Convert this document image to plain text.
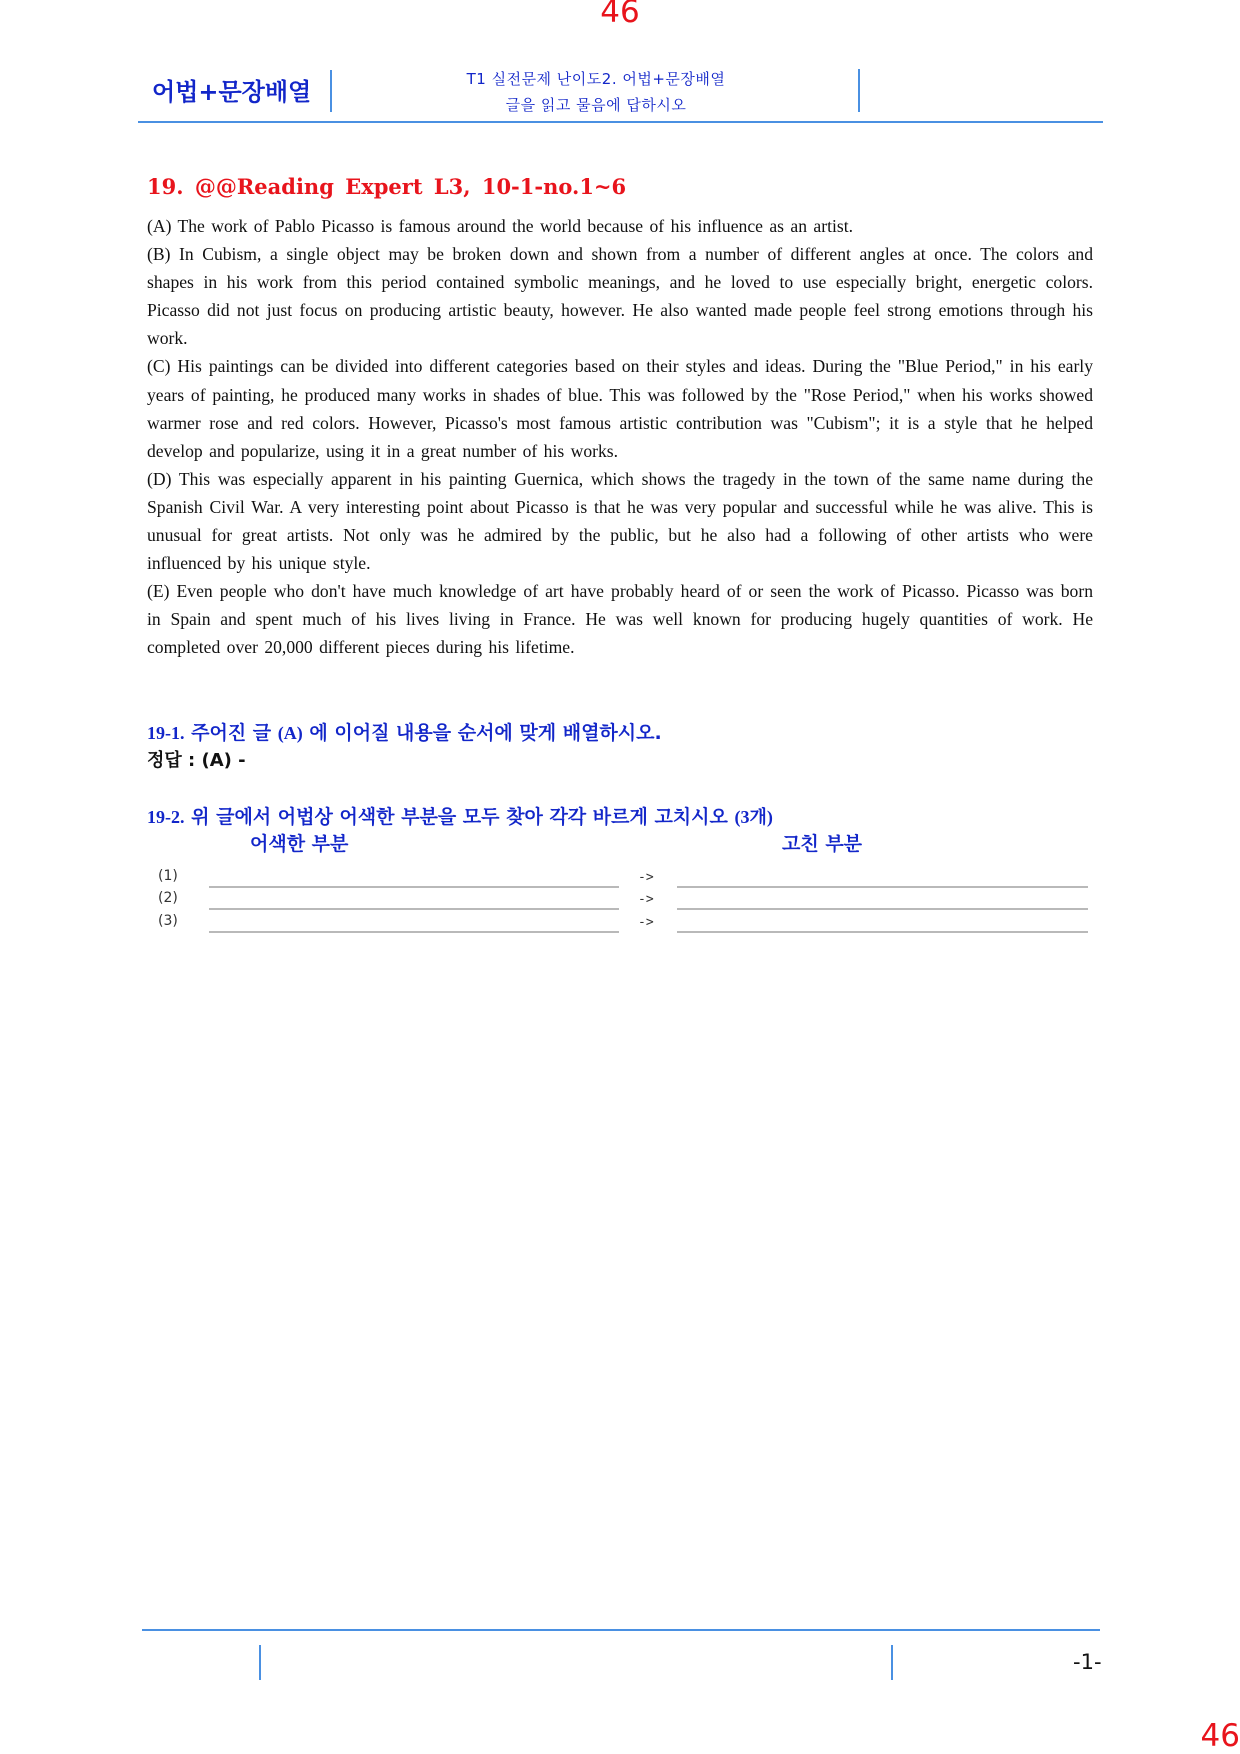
46
어법+문장배열	T1 실전문제 난이도2. 어법+문장배열
글을 읽고 물음에 답하시오
19. @@Reading Expert L3, 10-1-no.1~6

(A) The work of Pablo Picasso is famous around the world because of his influence as an artist.

(B) In Cubism, a single object may be broken down and shown from a number of different angles at once. The colors and shapes in his work from this period contained symbolic meanings, and he loved to use especially bright, energetic colors. Picasso did not just focus on producing artistic beauty, however. He also wanted made people feel strong emotions through his work.

(C) His paintings can be divided into different categories based on their styles and ideas. During the "Blue Period," in his early years of painting, he produced many works in shades of blue. This was followed by the "Rose Period," when his works showed warmer rose and red colors. However, Picasso's most famous artistic contribution was "Cubism"; it is a style that he helped develop and popularize, using it in a great number of his works.

(D) This was especially apparent in his painting Guernica, which shows the tragedy in the town of the same name during the Spanish Civil War. A very interesting point about Picasso is that he was very popular and successful while he was alive. This is unusual for great artists. Not only was he admired by the public, but he also had a following of other artists who were influenced by his unique style.

(E) Even people who don't have much knowledge of art have probably heard of or seen the work of Picasso. Picasso was born in Spain and spent much of his lives living in France. He was well known for producing hugely quantities of work. He completed over 20,000 different pieces during his lifetime.

19-1. 주어진 글 (A) 에 이어질 내용을 순서에 맞게 배열하시오.
정답 : (A) -
19-2. 위 글에서 어법상 어색한 부분을 모두 찾아 각각 바르게 고치시오 (3개)
어색한 부분	고친 부분
(1)	->
(2)	->
(3)	->
-1-
46
